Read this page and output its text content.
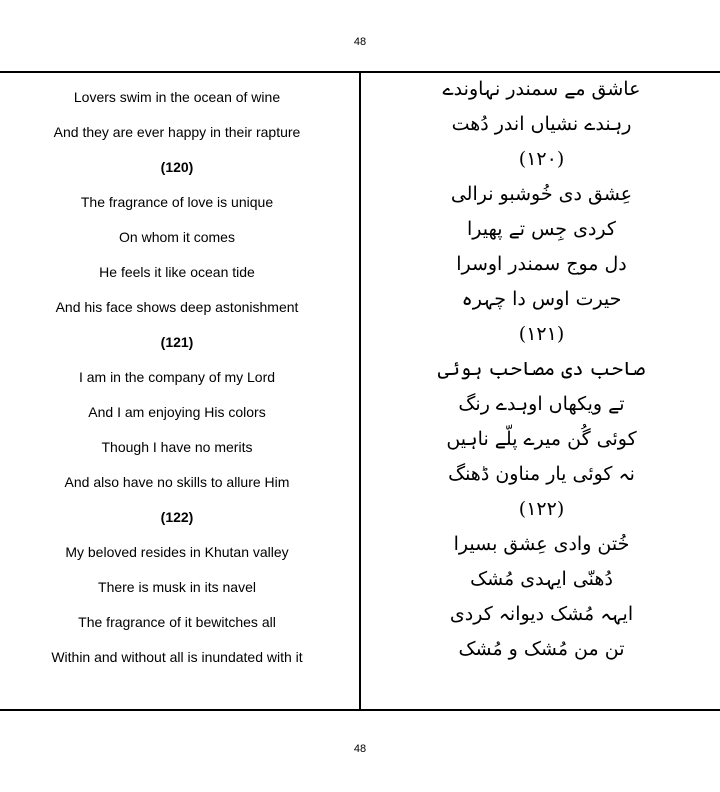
48
Lovers swim in the ocean of wine
And they are ever happy in their rapture
(120)
The fragrance of love is unique
On whom it comes
He feels it like ocean tide
And his face shows deep astonishment
(121)
I am in the company of my Lord
And I am enjoying His colors
Though I have no merits
And also have no skills to allure Him
(122)
My beloved resides in Khutan valley
There is musk in its navel
The fragrance of it bewitches all
Within and without all is inundated with it
عاشق مے سمندر نہاوندے
رہندے نشیاں اندر دُھت
(۱۲۰)
عِشق دی خُوشبو نرالی
کردی جِس تے پھیرا
دل موج سمندر اوسرا
حیرت اوس دا چہرہ
(۱۲۱)
صاحب دی مصاحب ہوئی
تے ویکھاں اوہدے رنگ
کوئی گُن میرے پلّے ناہیں
نہ کوئی یار مناون ڈھنگ
(۱۲۲)
خُتن وادی عِشق بسیرا
دُھنّی ایہدی مُشک
ایہہ مُشک دیوانہ کردی
تن من مُشک و مُشک
48
